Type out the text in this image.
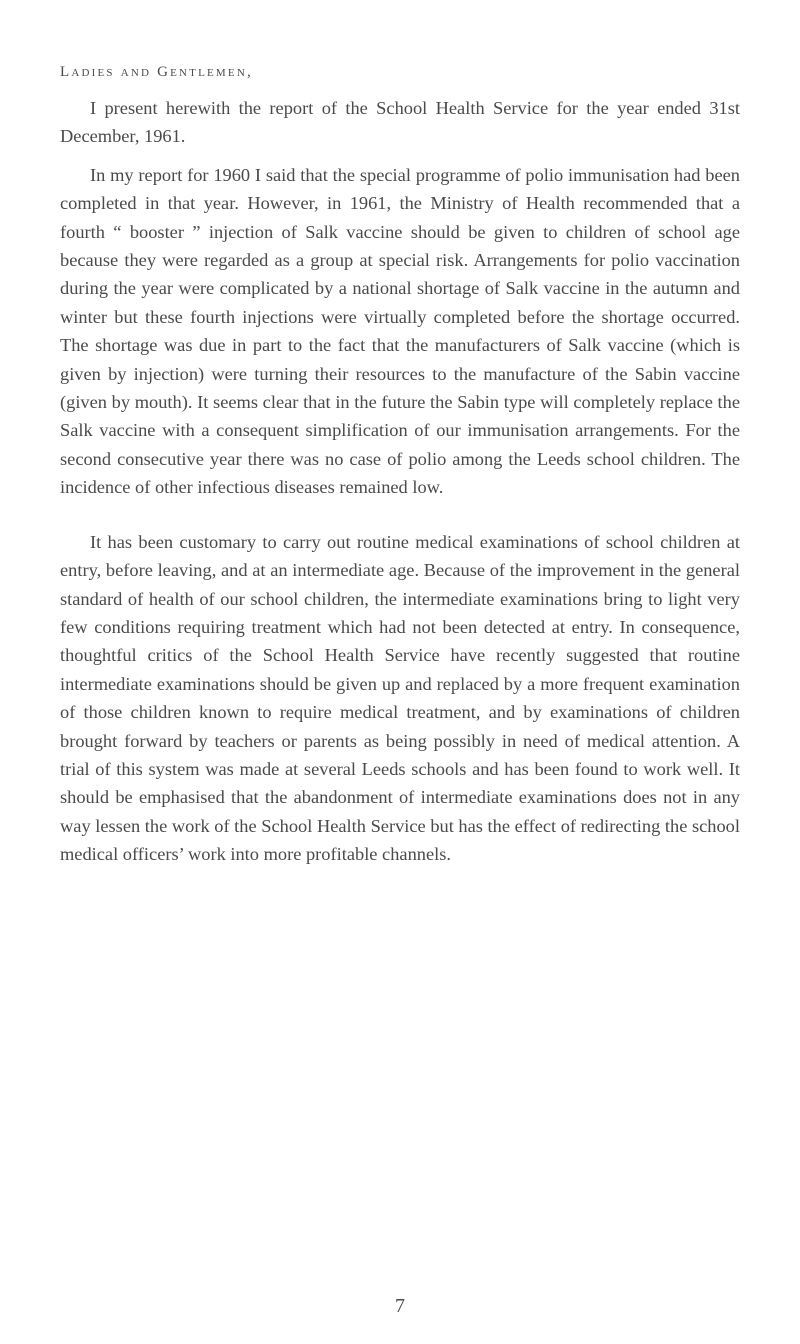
Ladies and Gentlemen,

I present herewith the report of the School Health Service for the year ended 31st December, 1961.

In my report for 1960 I said that the special programme of polio immunisation had been completed in that year. However, in 1961, the Ministry of Health recommended that a fourth “ booster ” injection of Salk vaccine should be given to children of school age because they were regarded as a group at special risk. Arrangements for polio vaccination during the year were complicated by a national shortage of Salk vaccine in the autumn and winter but these fourth injections were virtually completed before the shortage occurred. The shortage was due in part to the fact that the manufacturers of Salk vaccine (which is given by injection) were turning their resources to the manufacture of the Sabin vaccine (given by mouth). It seems clear that in the future the Sabin type will completely replace the Salk vaccine with a consequent simplification of our immunisation arrangements. For the second consecutive year there was no case of polio among the Leeds school children. The incidence of other infectious diseases remained low.

It has been customary to carry out routine medical examinations of school children at entry, before leaving, and at an intermediate age. Because of the improvement in the general standard of health of our school children, the intermediate examinations bring to light very few conditions requiring treatment which had not been detected at entry. In consequence, thoughtful critics of the School Health Service have recently suggested that routine intermediate examinations should be given up and replaced by a more frequent examination of those children known to require medical treatment, and by examinations of children brought forward by teachers or parents as being possibly in need of medical attention. A trial of this system was made at several Leeds schools and has been found to work well. It should be emphasised that the abandonment of intermediate examinations does not in any way lessen the work of the School Health Service but has the effect of redirecting the school medical officers’ work into more profitable channels.

7
